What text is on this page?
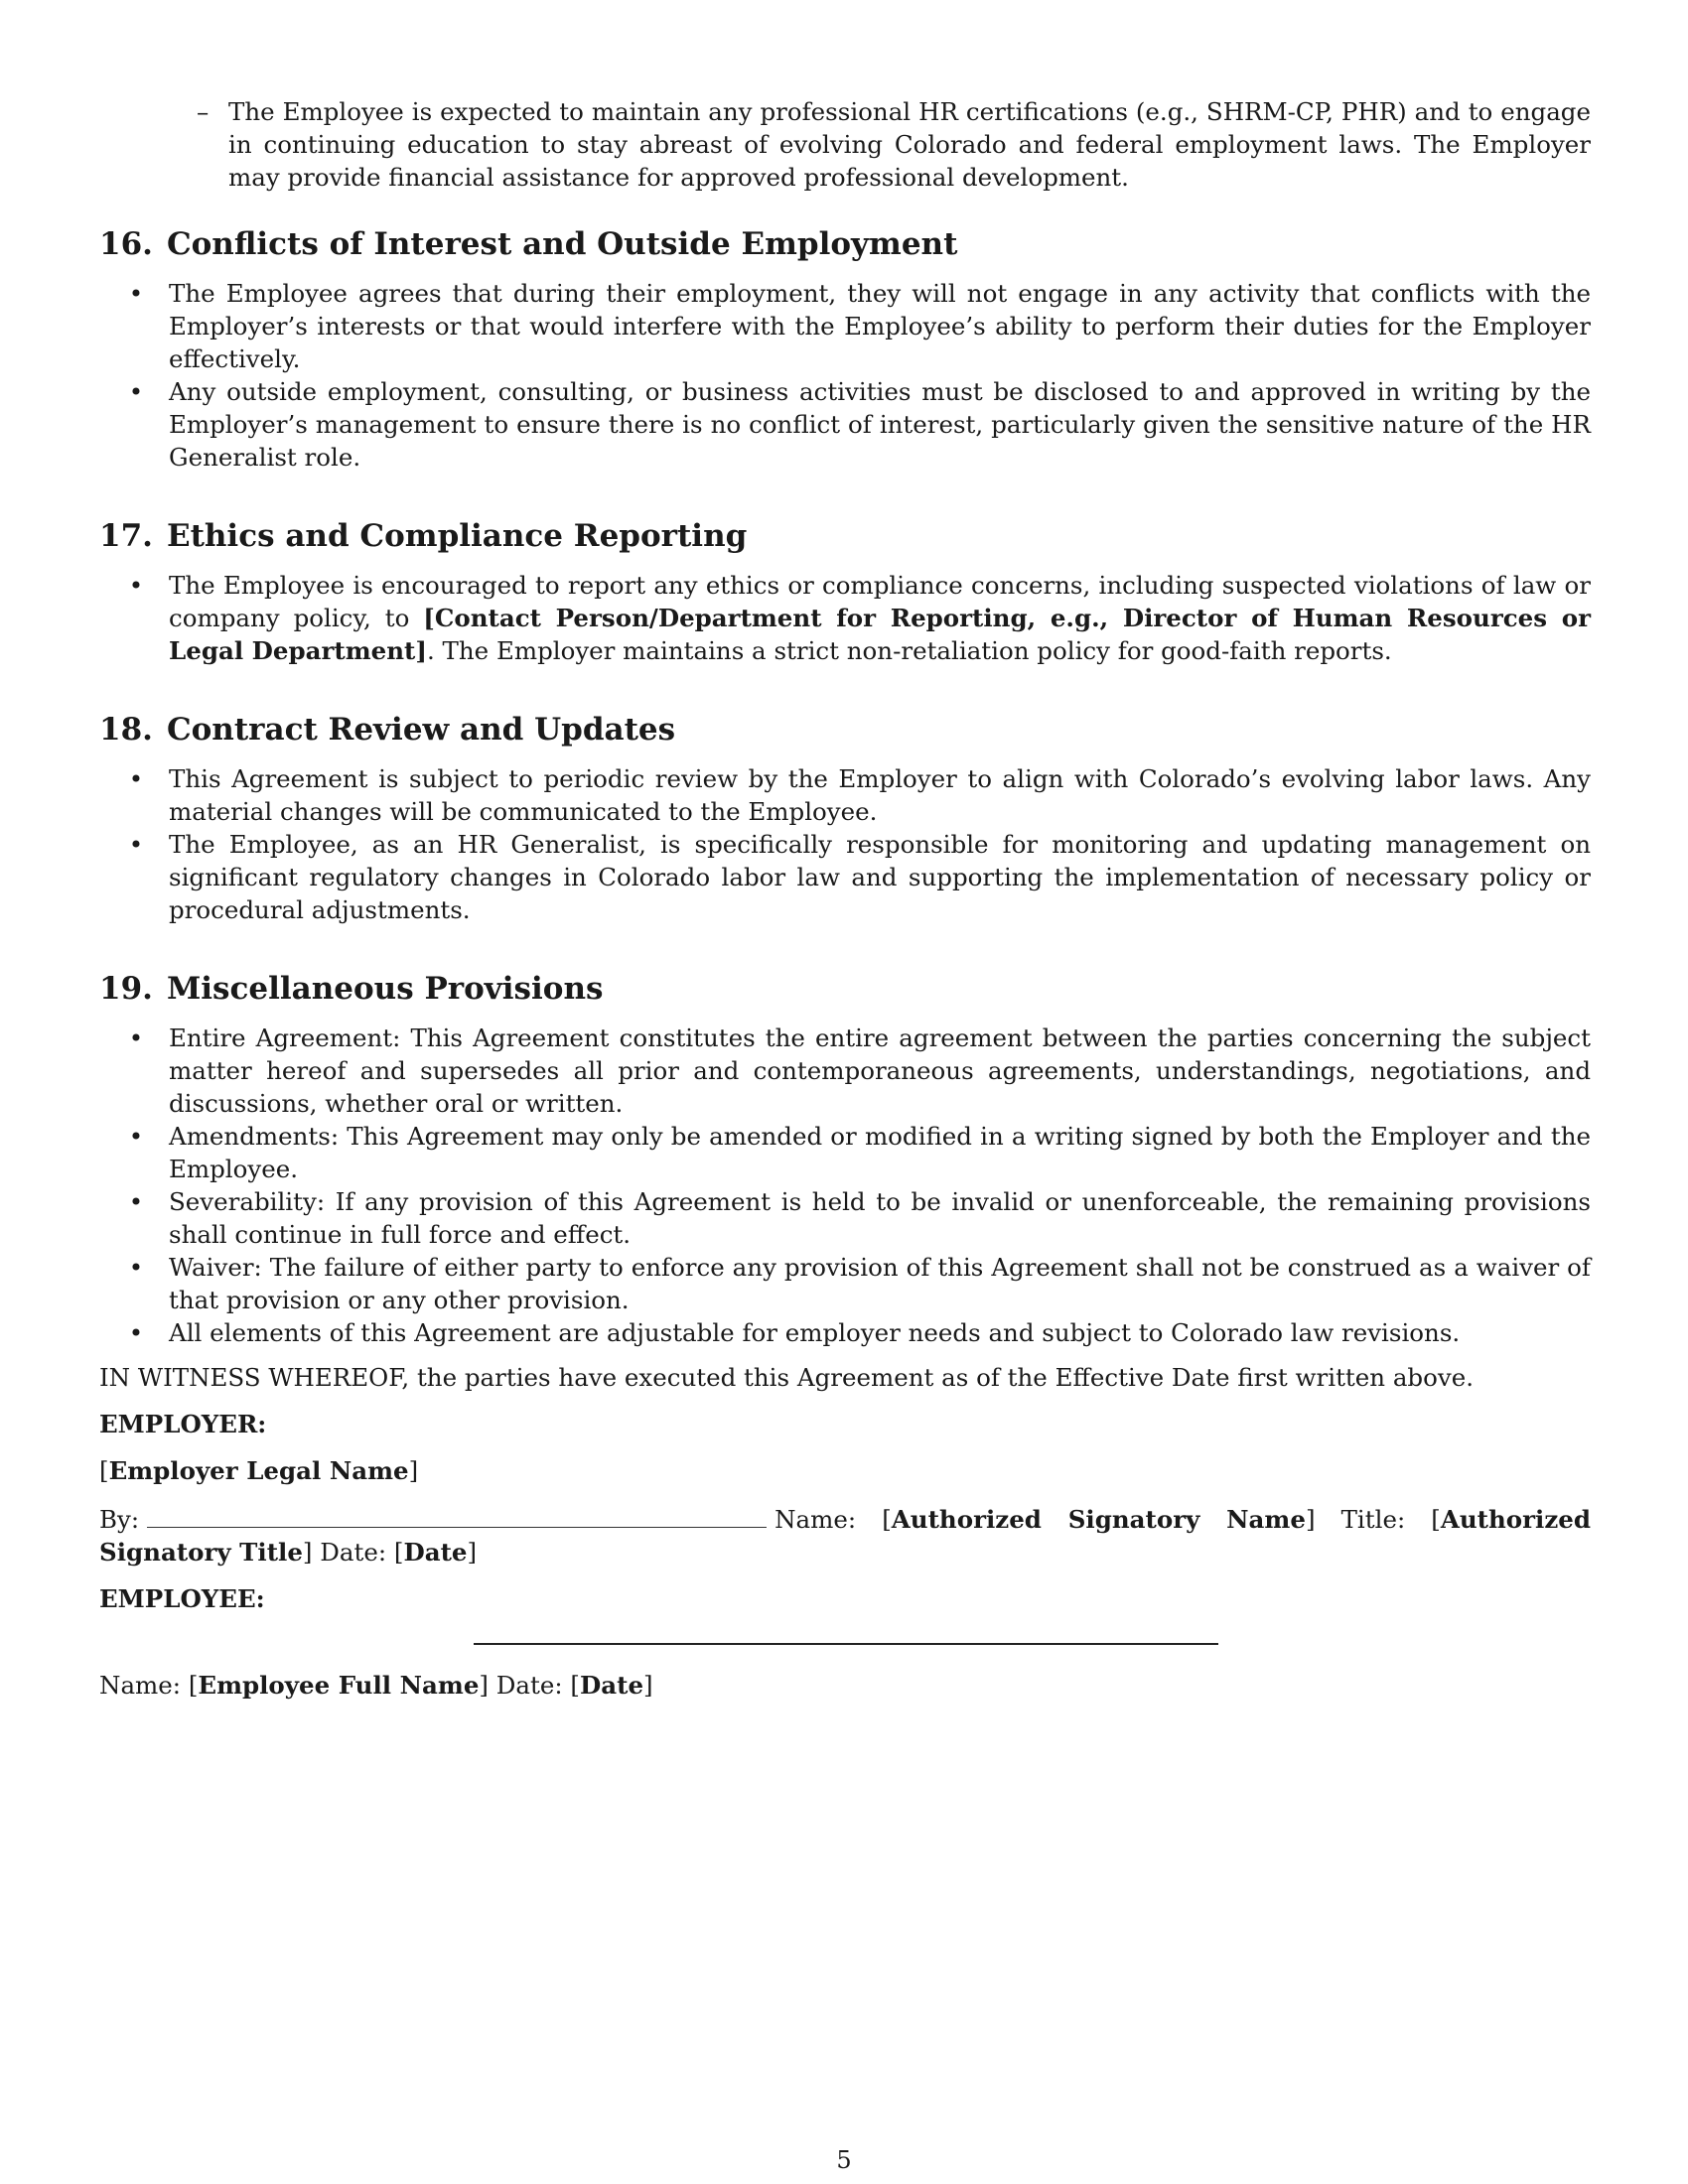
– The Employee is expected to maintain any professional HR certifications (e.g., SHRM-CP, PHR) and to engage in continuing education to stay abreast of evolving Colorado and federal employment laws. The Employer may provide financial assistance for approved professional development.
16. Conflicts of Interest and Outside Employment
•	The Employee agrees that during their employment, they will not engage in any activity that conflicts with the Employer’s interests or that would interfere with the Employee’s ability to perform their duties for the Employer effectively.
•	Any outside employment, consulting, or business activities must be disclosed to and approved in writing by the Employer’s management to ensure there is no conflict of interest, particularly given the sensitive nature of the HR Generalist role.
17. Ethics and Compliance Reporting
•	The Employee is encouraged to report any ethics or compliance concerns, including suspected violations of law or company policy, to [Contact Person/Department for Reporting, e.g., Director of Human Resources or Legal Department]. The Employer maintains a strict non-retaliation policy for good-faith reports.
18. Contract Review and Updates
•	This Agreement is subject to periodic review by the Employer to align with Colorado’s evolving labor laws. Any material changes will be communicated to the Employee.
•	The Employee, as an HR Generalist, is specifically responsible for monitoring and updating management on significant regulatory changes in Colorado labor law and supporting the implementation of necessary policy or procedural adjustments.
19. Miscellaneous Provisions
•	Entire Agreement: This Agreement constitutes the entire agreement between the parties concerning the subject matter hereof and supersedes all prior and contemporaneous agreements, understandings, negotiations, and discussions, whether oral or written.
•	Amendments: This Agreement may only be amended or modified in a writing signed by both the Employer and the Employee.
•	Severability: If any provision of this Agreement is held to be invalid or unenforceable, the remaining provisions shall continue in full force and effect.
•	Waiver: The failure of either party to enforce any provision of this Agreement shall not be construed as a waiver of that provision or any other provision.
•	All elements of this Agreement are adjustable for employer needs and subject to Colorado law revisions.
IN WITNESS WHEREOF, the parties have executed this Agreement as of the Effective Date first written above.
EMPLOYER:
[Employer Legal Name]
By:	Name: [Authorized Signatory Name] Title: [Authorized Signatory Title] Date: [Date]
EMPLOYEE:
Name: [Employee Full Name] Date: [Date]
5
